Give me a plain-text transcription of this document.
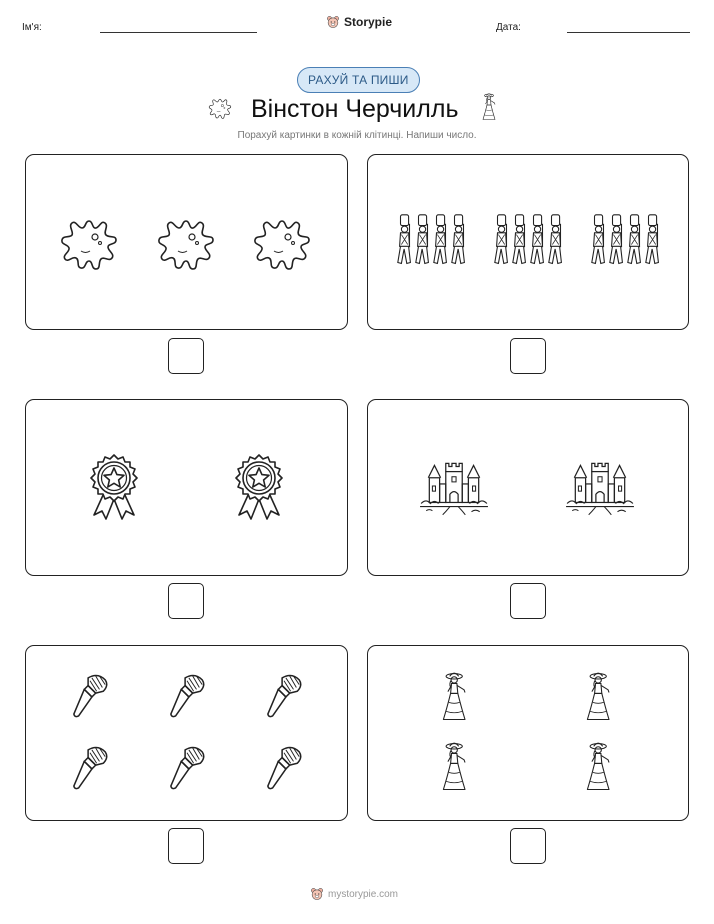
Ім'я:	Storypie	Дата:
РАХУЙ ТА ПИШИ
Вінстон Черчилль
Порахуй картинки в кожній клітинці. Напиши число.
mystorypie.com
